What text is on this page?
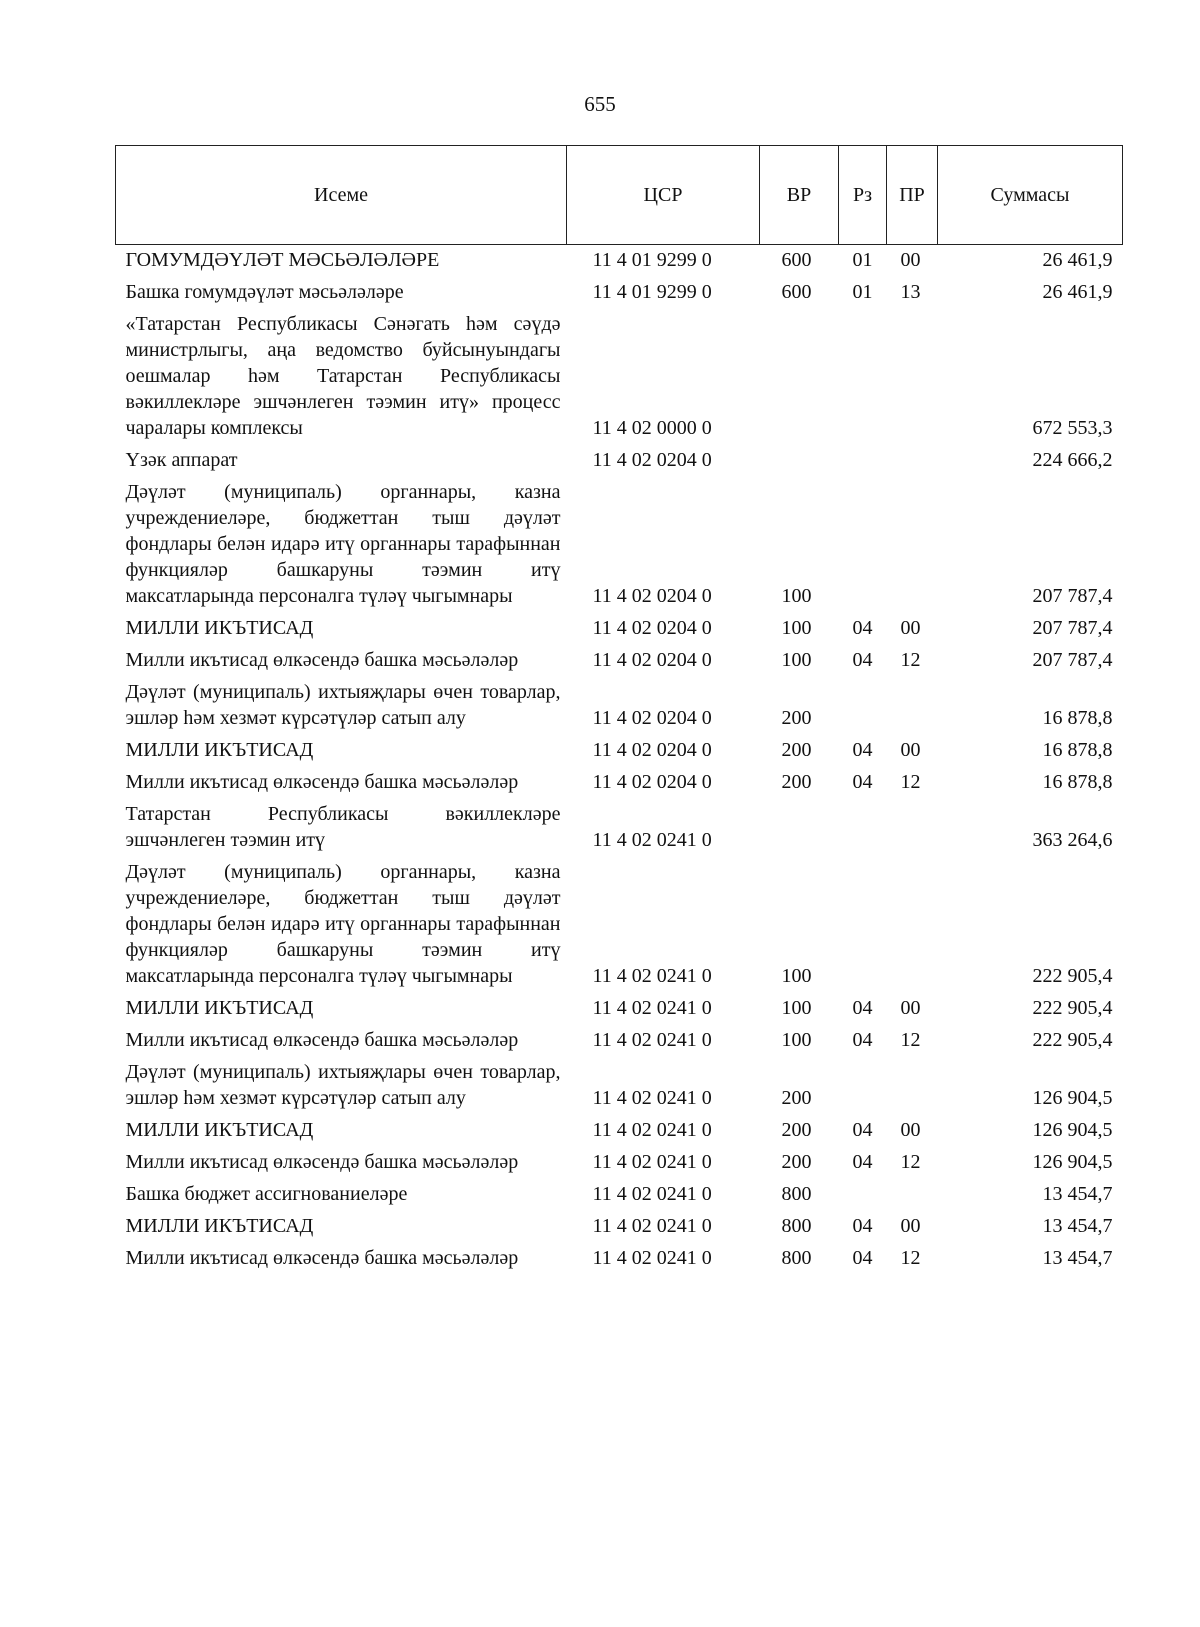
655
Исеме	ЦСР	ВР	Рз	ПР	Суммасы
ГОМУМДӘҮЛӘТ МӘСЬӘЛӘЛӘРЕ	11 4 01 9299 0	600	01	00	26 461,9
Башка гомумдәүләт мәсьәләләре	11 4 01 9299 0	600	01	13	26 461,9
«Татарстан Республикасы Сәнәгать һәм сәүдә министрлыгы, аңа ведомство буйсынуындагы оешмалар һәм Татарстан Республикасы вәкиллекләре эшчәнлеген тәэмин итү» процесс чаралары комплексы	11 4 02 0000 0				672 553,3
Үзәк аппарат	11 4 02 0204 0				224 666,2
Дәүләт (муниципаль) органнары, казна учреждениеләре, бюджеттан тыш дәүләт фондлары белән идарә итү органнары тарафыннан функцияләр башкаруны тәэмин итү максатларында персоналга түләү чыгымнары	11 4 02 0204 0	100			207 787,4
МИЛЛИ ИКЪТИСАД	11 4 02 0204 0	100	04	00	207 787,4
Милли икътисад өлкәсендә башка мәсьәләләр	11 4 02 0204 0	100	04	12	207 787,4
Дәүләт (муниципаль) ихтыяҗлары өчен товарлар, эшләр һәм хезмәт күрсәтүләр сатып алу	11 4 02 0204 0	200			16 878,8
МИЛЛИ ИКЪТИСАД	11 4 02 0204 0	200	04	00	16 878,8
Милли икътисад өлкәсендә башка мәсьәләләр	11 4 02 0204 0	200	04	12	16 878,8
Татарстан Республикасы вәкиллекләре эшчәнлеген тәэмин итү	11 4 02 0241 0				363 264,6
Дәүләт (муниципаль) органнары, казна учреждениеләре, бюджеттан тыш дәүләт фондлары белән идарә итү органнары тарафыннан функцияләр башкаруны тәэмин итү максатларында персоналга түләү чыгымнары	11 4 02 0241 0	100			222 905,4
МИЛЛИ ИКЪТИСАД	11 4 02 0241 0	100	04	00	222 905,4
Милли икътисад өлкәсендә башка мәсьәләләр	11 4 02 0241 0	100	04	12	222 905,4
Дәүләт (муниципаль) ихтыяҗлары өчен товарлар, эшләр һәм хезмәт күрсәтүләр сатып алу	11 4 02 0241 0	200			126 904,5
МИЛЛИ ИКЪТИСАД	11 4 02 0241 0	200	04	00	126 904,5
Милли икътисад өлкәсендә башка мәсьәләләр	11 4 02 0241 0	200	04	12	126 904,5
Башка бюджет ассигнованиеләре	11 4 02 0241 0	800			13 454,7
МИЛЛИ ИКЪТИСАД	11 4 02 0241 0	800	04	00	13 454,7
Милли икътисад өлкәсендә башка мәсьәләләр	11 4 02 0241 0	800	04	12	13 454,7
